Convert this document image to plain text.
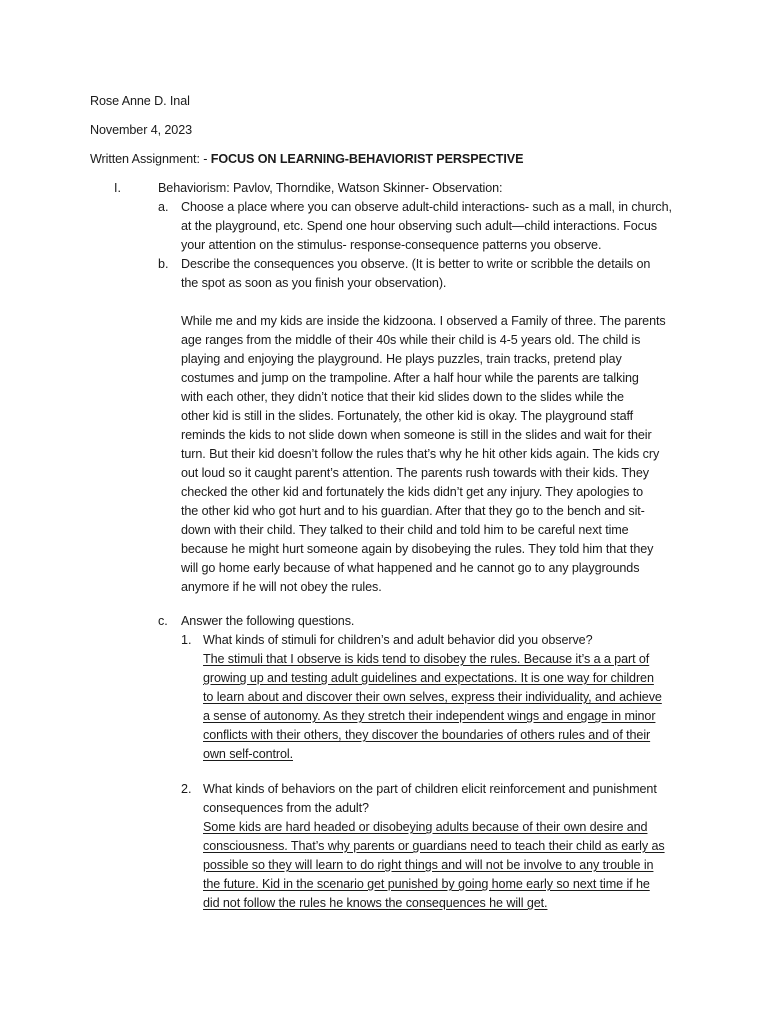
Rose Anne D. Inal
November 4, 2023
Written Assignment: - FOCUS ON LEARNING-BEHAVIORIST PERSPECTIVE
I.	Behaviorism: Pavlov, Thorndike, Watson Skinner- Observation:
a. Choose a place where you can observe adult-child interactions- such as a mall, in church,
at the playground, etc. Spend one hour observing such adult—child interactions. Focus
your attention on the stimulus- response-consequence patterns you observe.
b. Describe the consequences you observe. (It is better to write or scribble the details on
the spot as soon as you finish your observation).
While me and my kids are inside the kidzoona. I observed a Family of three. The parents
age ranges from the middle of their 40s while their child is 4-5 years old. The child is
playing and enjoying the playground. He plays puzzles, train tracks, pretend play
costumes and jump on the trampoline. After a half hour while the parents are talking
with each other, they didn’t notice that their kid slides down to the slides while the
other kid is still in the slides. Fortunately, the other kid is okay. The playground staff
reminds the kids to not slide down when someone is still in the slides and wait for their
turn. But their kid doesn’t follow the rules that’s why he hit other kids again. The kids cry
out loud so it caught parent’s attention. The parents rush towards with their kids. They
checked the other kid and fortunately the kids didn’t get any injury. They apologies to
the other kid who got hurt and to his guardian. After that they go to the bench and sit-
down with their child. They talked to their child and told him to be careful next time
because he might hurt someone again by disobeying the rules. They told him that they
will go home early because of what happened and he cannot go to any playgrounds
anymore if he will not obey the rules.
c. Answer the following questions.
1. What kinds of stimuli for children’s and adult behavior did you observe?
The stimuli that I observe is kids tend to disobey the rules. Because it’s a a part of
growing up and testing adult guidelines and expectations. It is one way for children
to learn about and discover their own selves, express their individuality, and achieve
a sense of autonomy. As they stretch their independent wings and engage in minor
conflicts with their others, they discover the boundaries of others rules and of their
own self-control.
2. What kinds of behaviors on the part of children elicit reinforcement and punishment
consequences from the adult?
Some kids are hard headed or disobeying adults because of their own desire and
consciousness. That’s why parents or guardians need to teach their child as early as
possible so they will learn to do right things and will not be involve to any trouble in
the future. Kid in the scenario get punished by going home early so next time if he
did not follow the rules he knows the consequences he will get.
